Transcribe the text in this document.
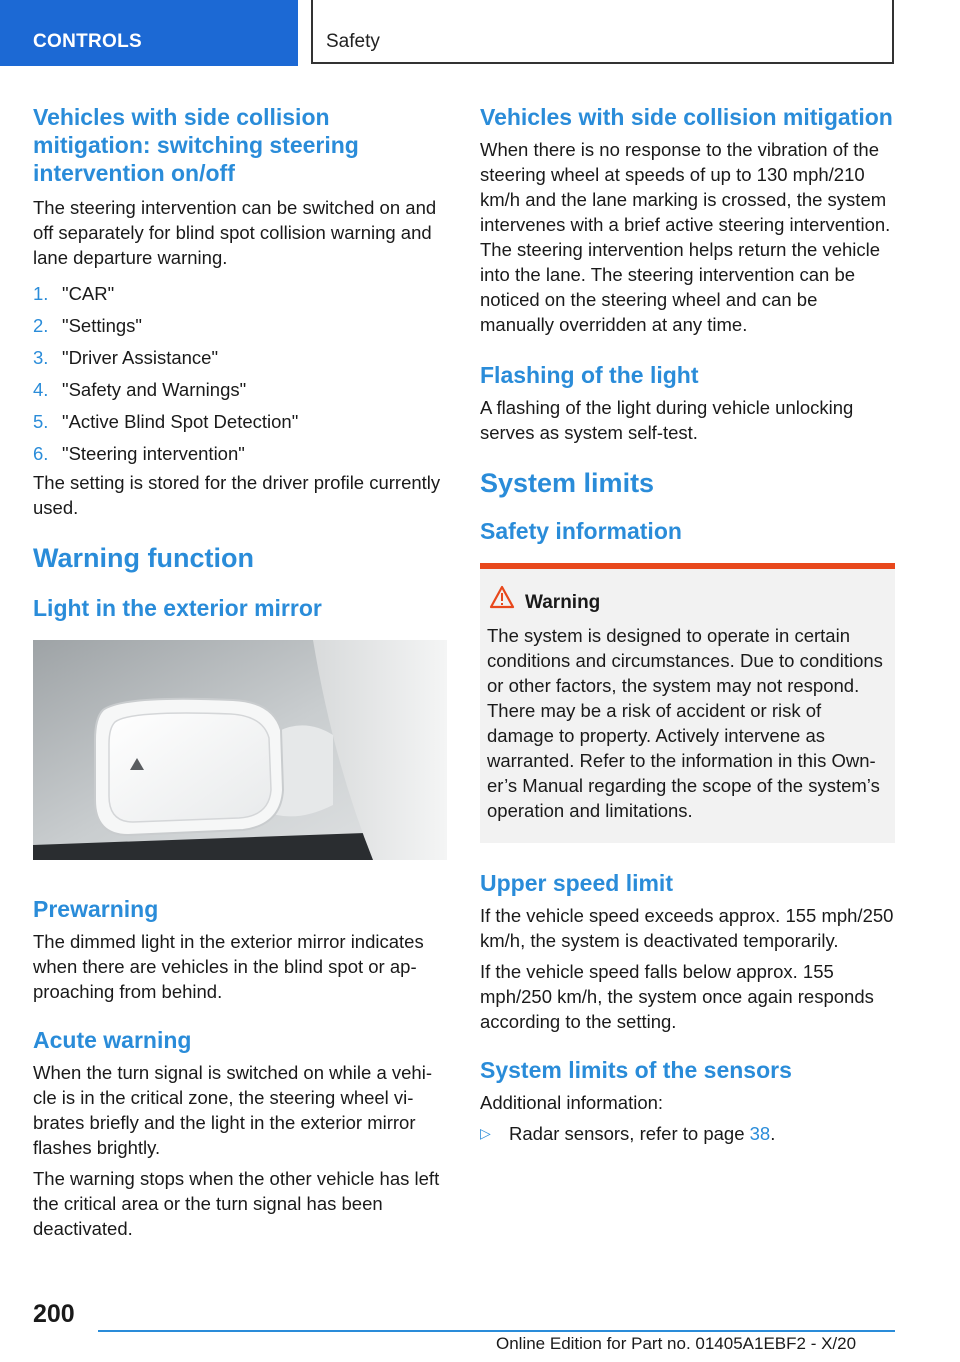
CONTROLS	Safety
Vehicles with side collision mitigation: switching steering intervention on/off

The steering intervention can be switched on and off separately for blind spot collision warning and lane departure warning.

1. "CAR"
2. "Settings"
3. "Driver Assistance"
4. "Safety and Warnings"
5. "Active Blind Spot Detection"
6. "Steering intervention"

The setting is stored for the driver profile currently used.

Warning function
Light in the exterior mirror
Prewarning

The dimmed light in the exterior mirror indicates when there are vehicles in the blind spot or approaching from behind.

Acute warning

When the turn signal is switched on while a vehicle is in the critical zone, the steering wheel vibrates briefly and the light in the exterior mirror flashes brightly.

The warning stops when the other vehicle has left the critical area or the turn signal has been deactivated.

Vehicles with side collision mitigation

When there is no response to the vibration of the steering wheel at speeds of up to 130 mph/210 km/h and the lane marking is crossed, the system intervenes with a brief active steering intervention. The steering intervention helps return the vehicle into the lane. The steering intervention can be noticed on the steering wheel and can be manually overridden at any time.

Flashing of the light

A flashing of the light during vehicle unlocking serves as system self-test.

System limits
Safety information
Warning

The system is designed to operate in certain conditions and circumstances. Due to conditions or other factors, the system may not respond. There may be a risk of accident or risk of damage to property. Actively intervene as warranted. Refer to the information in this Owner’s Manual regarding the scope of the system’s operation and limitations.

Upper speed limit

If the vehicle speed exceeds approx. 155 mph/250 km/h, the system is deactivated temporarily.

If the vehicle speed falls below approx. 155 mph/250 km/h, the system once again responds according to the setting.

System limits of the sensors

Additional information:

▷ Radar sensors, refer to page 38.
200
Online Edition for Part no. 01405A1EBF2 - X/20
